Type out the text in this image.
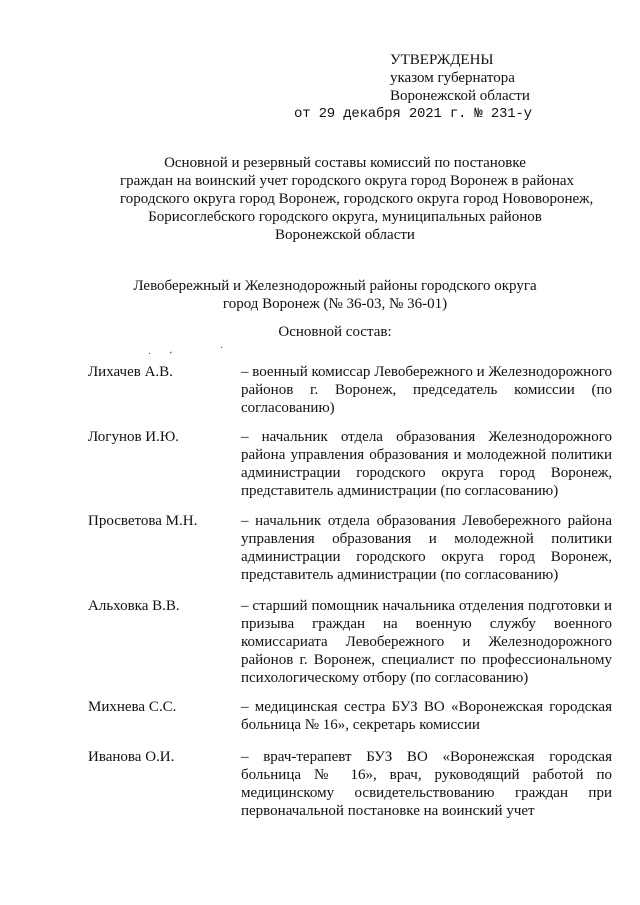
УТВЕРЖДЕНЫ
указом губернатора
Воронежской области
от 29 декабря 2021 г. № 231-у
Основной и резервный составы комиссий по постановке
граждан на воинский учет городского округа город Воронеж в районах
городского округа город Воронеж, городского округа город Нововоронеж,
Борисоглебского городского округа, муниципальных районов
Воронежской области
Левобережный и Железнодорожный районы городского округа
город Воронеж (№ 36-03, № 36-01)
Основной состав:
·
⸼	·
Лихачев А.В.	– военный комиссар Левобережного и Железнодорожного районов г. Воронеж, председатель комиссии (по согласованию)
Логунов И.Ю.	– начальник отдела образования Железнодорожного района управления образования и молодежной политики администрации городского округа город Воронеж, представитель администрации (по согласованию)
Просветова М.Н.	– начальник отдела образования Левобережного района управления образования и молодежной политики администрации городского округа город Воронеж, представитель администрации (по согласованию)
Альховка В.В.	– старший помощник начальника отделения подготовки и призыва граждан на военную службу военного комиссариата Левобережного и Железнодорожного районов г. Воронеж, специалист по профессиональному психологическому отбору (по согласованию)
Михнева С.С.	– медицинская сестра БУЗ ВО «Воронежская городская больница № 16», секретарь комиссии
Иванова О.И.	– врач-терапевт БУЗ ВО «Воронежская городская больница № 16», врач, руководящий работой по медицинскому освидетельствованию граждан при первоначальной постановке на воинский учет
